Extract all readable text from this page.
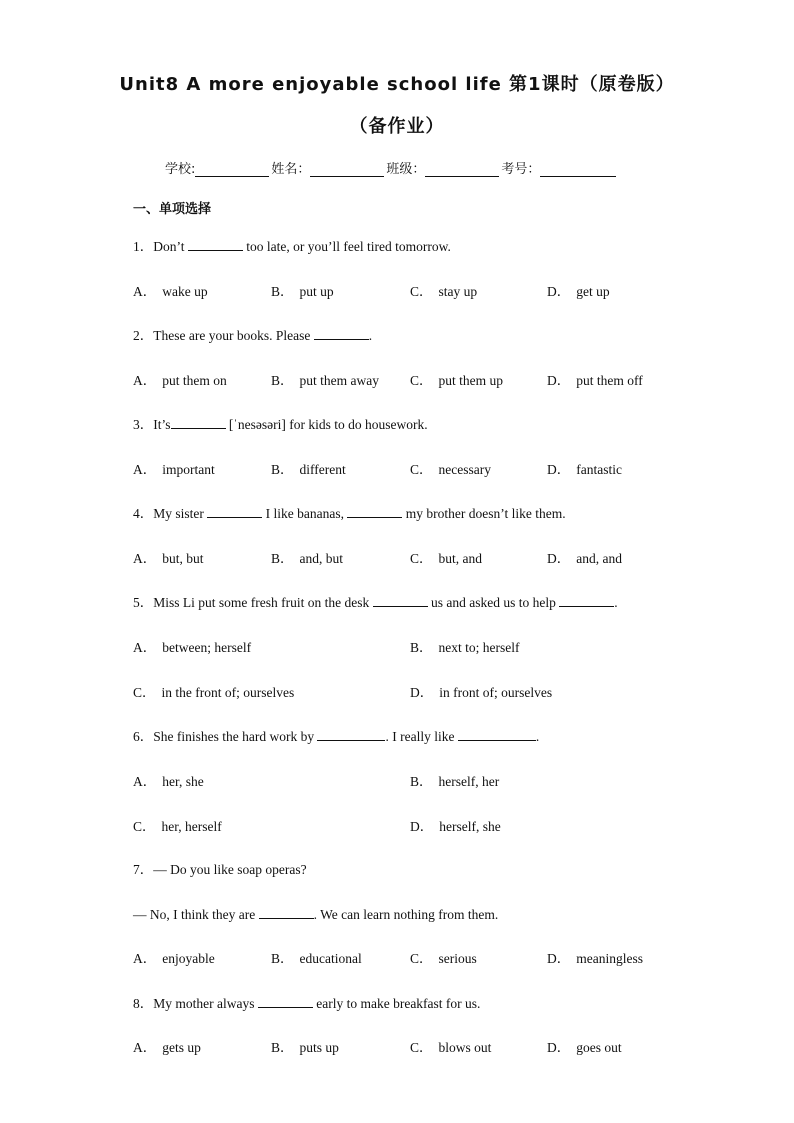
Unit8 A more enjoyable school life 第1课时（原卷版）
（备作业）
学校:	姓名：	班级：	考号：
一、单项选择
1．Don’t	too late, or you’ll feel tired tomorrow.
A． wake up	B． put up	C． stay up	D． get up
2．These are your books. Please	.
A． put them on	B． put them away C． put them up	D． put them off
3．It’s	[ˈnesəsəri] for kids to do housework.
A． important	B． different	C． necessary	D． fantastic
4．My sister	I like bananas,	my brother doesn’t like them.
A． but, but	B． and, but	C． but, and	D． and, and
5．Miss Li put some fresh fruit on the desk	us and asked us to help	.
A． between; herself	B． next to; herself
C． in the front of; ourselves	D． in front of; ourselves
6．She finishes the hard work by	. I really like	.
A． her, she	B． herself, her
C． her, herself	D． herself, she
7．— Do you like soap operas?
— No, I think they are	. We can learn nothing from them.
A． enjoyable	B． educational	C． serious	D． meaningless
8．My mother always	early to make breakfast for us.
A． gets up	B． puts up	C． blows out	D． goes out
